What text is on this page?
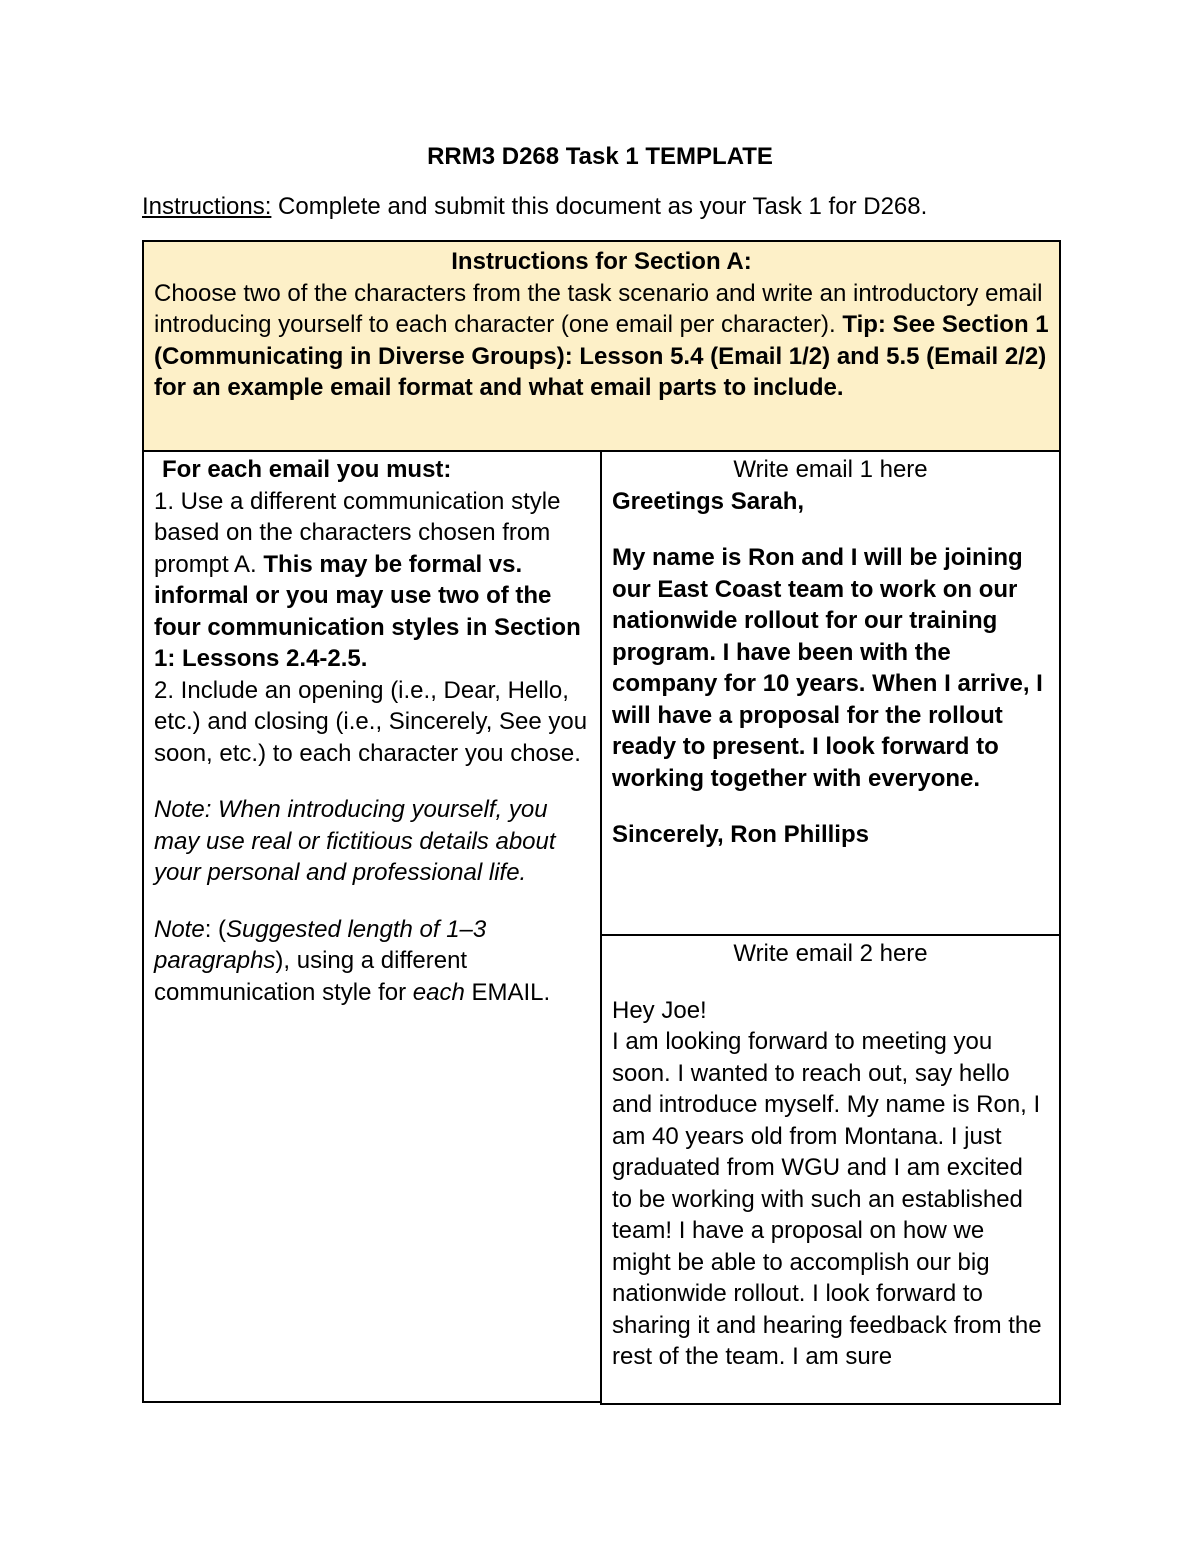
RRM3 D268 Task 1 TEMPLATE
Instructions: Complete and submit this document as your Task 1 for D268.
Instructions for Section A:
Choose two of the characters from the task scenario and write an introductory email introducing yourself to each character (one email per character). Tip: See Section 1 (Communicating in Diverse Groups): Lesson 5.4 (Email 1/2) and 5.5 (Email 2/2) for an example email format and what email parts to include.

For each email you must:

1. Use a different communication style based on the characters chosen from prompt A. This may be formal vs. informal or you may use two of the four communication styles in Section 1: Lessons 2.4-2.5.

2. Include an opening (i.e., Dear, Hello, etc.) and closing (i.e., Sincerely, See you soon, etc.) to each character you chose.

Note: When introducing yourself, you may use real or fictitious details about your personal and professional life.

Note: (Suggested length of 1–3 paragraphs), using a different communication style for each EMAIL.

Write email 1 here

Greetings Sarah,

My name is Ron and I will be joining our East Coast team to work on our nationwide rollout for our training program. I have been with the company for 10 years. When I arrive, I will have a proposal for the rollout ready to present. I look forward to working together with everyone.

Sincerely, Ron Phillips

Write email 2 here

Hey Joe!

I am looking forward to meeting you soon. I wanted to reach out, say hello and introduce myself. My name is Ron, I am 40 years old from Montana. I just graduated from WGU and I am excited to be working with such an established team! I have a proposal on how we might be able to accomplish our big nationwide rollout. I look forward to sharing it and hearing feedback from the rest of the team. I am sure
